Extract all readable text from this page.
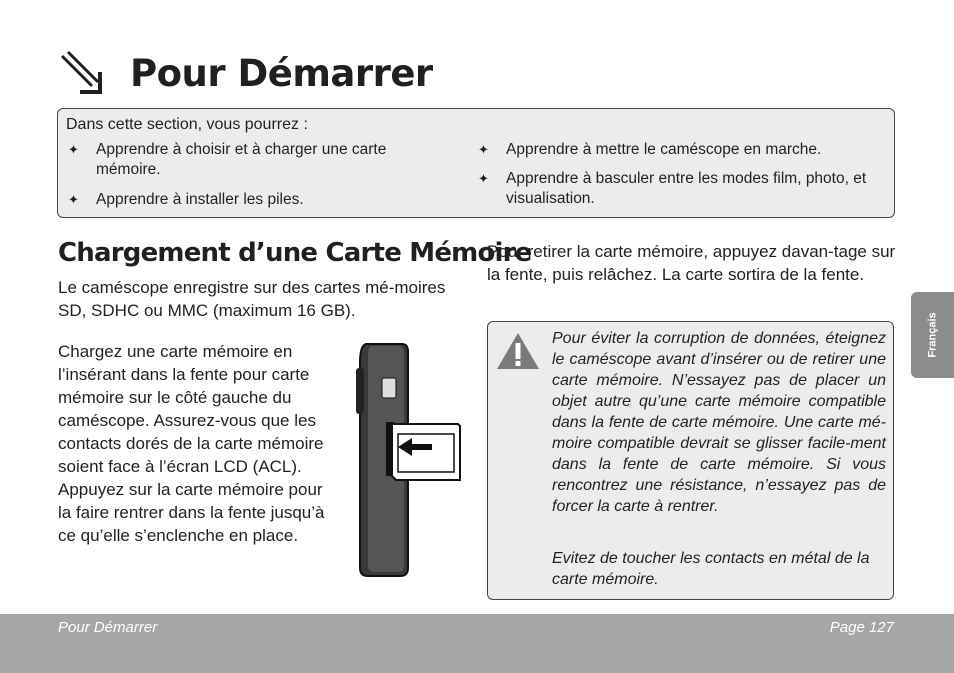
Pour Démarrer
Dans cette section, vous pourrez :
✦	Apprendre à choisir et à charger une carte mémoire.
✦	Apprendre à installer les piles.
✦	Apprendre à mettre le caméscope en marche.
✦	Apprendre à basculer entre les modes film, photo, et visualisation.
Chargement d’une Carte Mémoire
Le caméscope enregistre sur des cartes mé-moires SD, SDHC ou MMC (maximum 16 GB).
Chargez une carte mémoire en l’insérant dans la fente pour carte mémoire sur le côté gauche du caméscope. Assurez-vous que les contacts dorés de la carte mémoire soient face à l’écran LCD (ACL). Appuyez sur la carte mémoire pour la faire rentrer dans la fente jusqu’à ce qu’elle s’enclenche en place.
Pour retirer la carte mémoire, appuyez davan-tage sur la fente, puis relâchez. La carte sortira de la fente.
Pour éviter la corruption de données, éteignez le caméscope avant d’insérer ou de retirer une carte mémoire. N’essayez pas de placer un objet autre qu’une carte mémoire compatible dans la fente de carte mémoire. Une carte mé-moire compatible devrait se glisser facile-ment dans la fente de carte mémoire. Si vous rencontrez une résistance, n’essayez pas de forcer la carte à rentrer.
Evitez de toucher les contacts en métal de la carte mémoire.
Français
Pour Démarrer	Page 127
